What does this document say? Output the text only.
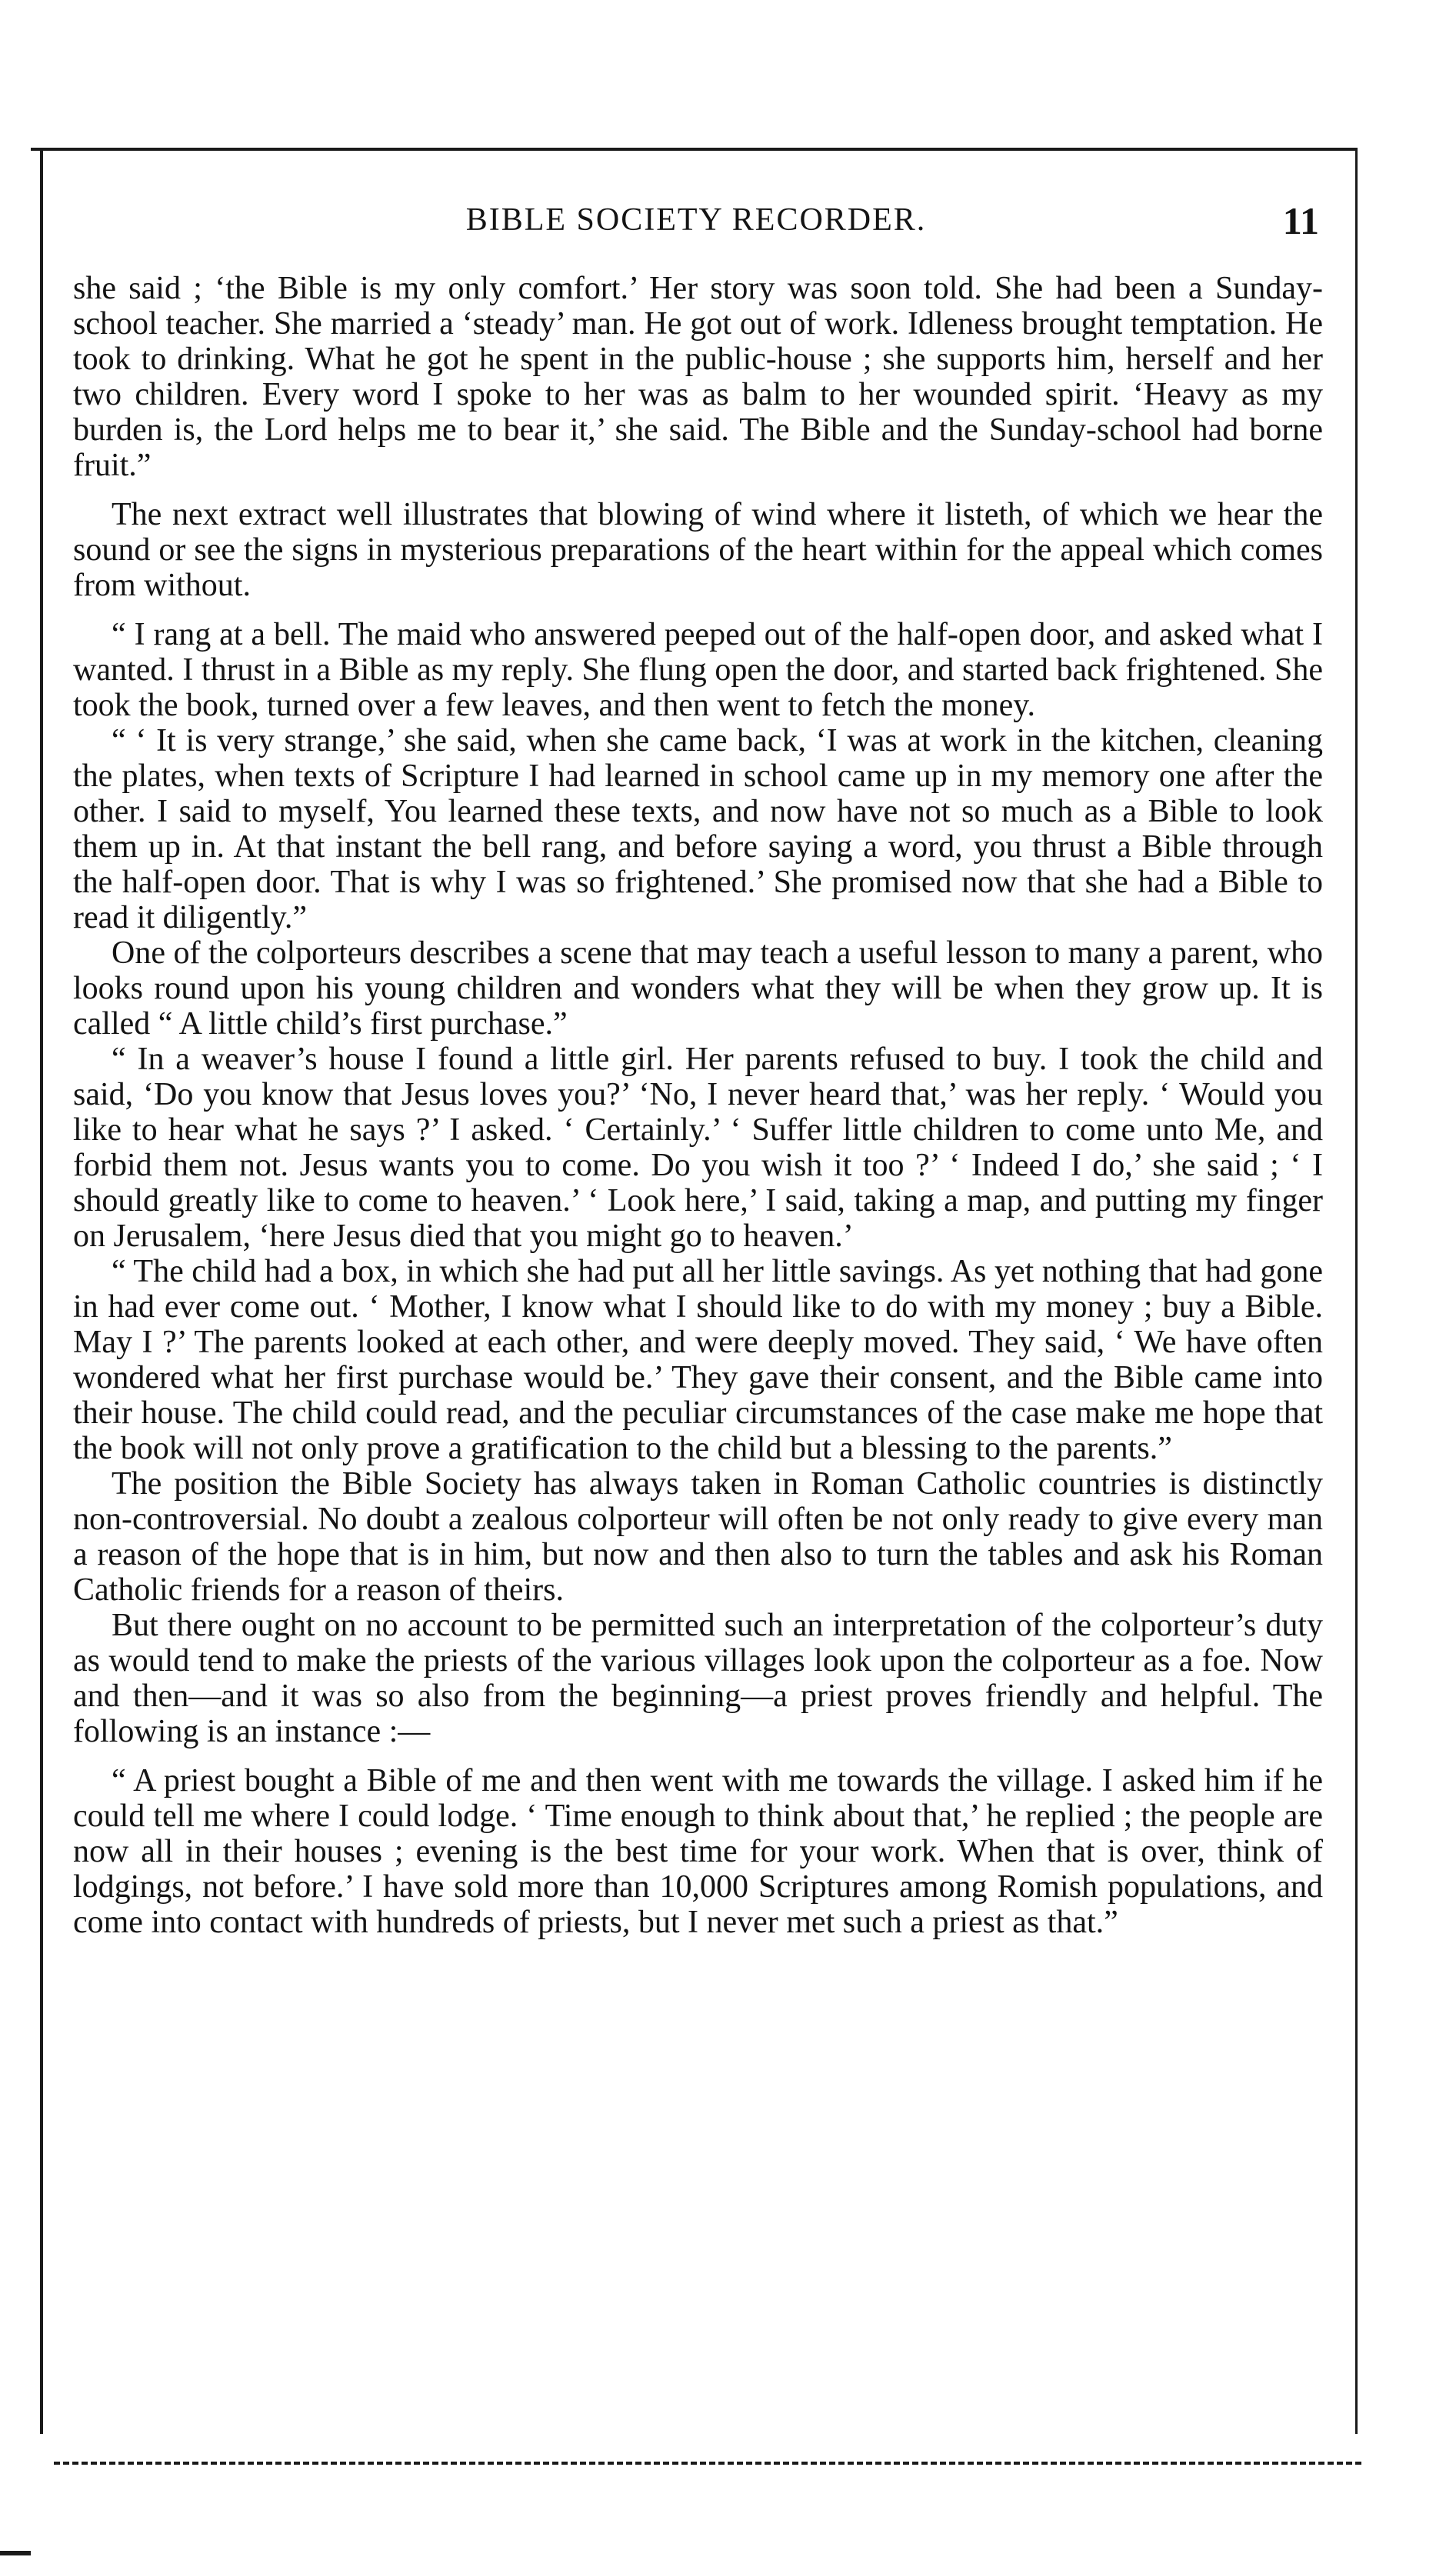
BIBLE SOCIETY RECORDER.	11

she said ; ‘the Bible is my only comfort.’ Her story was soon told. She had been a Sunday-school teacher. She married a ‘steady’ man. He got out of work. Idleness brought temptation. He took to drinking. What he got he spent in the public-house ; she supports him, herself and her two children. Every word I spoke to her was as balm to her wounded spirit. ‘Heavy as my burden is, the Lord helps me to bear it,’ she said. The Bible and the Sunday-school had borne fruit.”

The next extract well illustrates that blowing of wind where it listeth, of which we hear the sound or see the signs in mysterious preparations of the heart within for the appeal which comes from without.

“ I rang at a bell. The maid who answered peeped out of the half-open door, and asked what I wanted. I thrust in a Bible as my reply. She flung open the door, and started back frightened. She took the book, turned over a few leaves, and then went to fetch the money.

“ ‘ It is very strange,’ she said, when she came back, ‘I was at work in the kitchen, cleaning the plates, when texts of Scripture I had learned in school came up in my memory one after the other. I said to myself, You learned these texts, and now have not so much as a Bible to look them up in. At that instant the bell rang, and before saying a word, you thrust a Bible through the half-open door. That is why I was so frightened.’ She promised now that she had a Bible to read it diligently.”

One of the colporteurs describes a scene that may teach a useful lesson to many a parent, who looks round upon his young children and wonders what they will be when they grow up. It is called “ A little child’s first purchase.”

“ In a weaver’s house I found a little girl. Her parents refused to buy. I took the child and said, ‘Do you know that Jesus loves you?’ ‘No, I never heard that,’ was her reply. ‘ Would you like to hear what he says ?’ I asked. ‘ Certainly.’ ‘ Suffer little children to come unto Me, and forbid them not. Jesus wants you to come. Do you wish it too ?’ ‘ Indeed I do,’ she said ; ‘ I should greatly like to come to heaven.’ ‘ Look here,’ I said, taking a map, and putting my finger on Jerusalem, ‘here Jesus died that you might go to heaven.’

“ The child had a box, in which she had put all her little savings. As yet nothing that had gone in had ever come out. ‘ Mother, I know what I should like to do with my money ; buy a Bible. May I ?’ The parents looked at each other, and were deeply moved. They said, ‘ We have often wondered what her first purchase would be.’ They gave their consent, and the Bible came into their house. The child could read, and the peculiar circumstances of the case make me hope that the book will not only prove a gratification to the child but a blessing to the parents.”

The position the Bible Society has always taken in Roman Catholic countries is distinctly non-controversial. No doubt a zealous colporteur will often be not only ready to give every man a reason of the hope that is in him, but now and then also to turn the tables and ask his Roman Catholic friends for a reason of theirs.

But there ought on no account to be permitted such an interpretation of the colporteur’s duty as would tend to make the priests of the various villages look upon the colporteur as a foe. Now and then—and it was so also from the beginning—a priest proves friendly and helpful. The following is an instance :—

“ A priest bought a Bible of me and then went with me towards the village. I asked him if he could tell me where I could lodge. ‘ Time enough to think about that,’ he replied ; the people are now all in their houses ; evening is the best time for your work. When that is over, think of lodgings, not before.’ I have sold more than 10,000 Scriptures among Romish populations, and come into contact with hundreds of priests, but I never met such a priest as that.”
